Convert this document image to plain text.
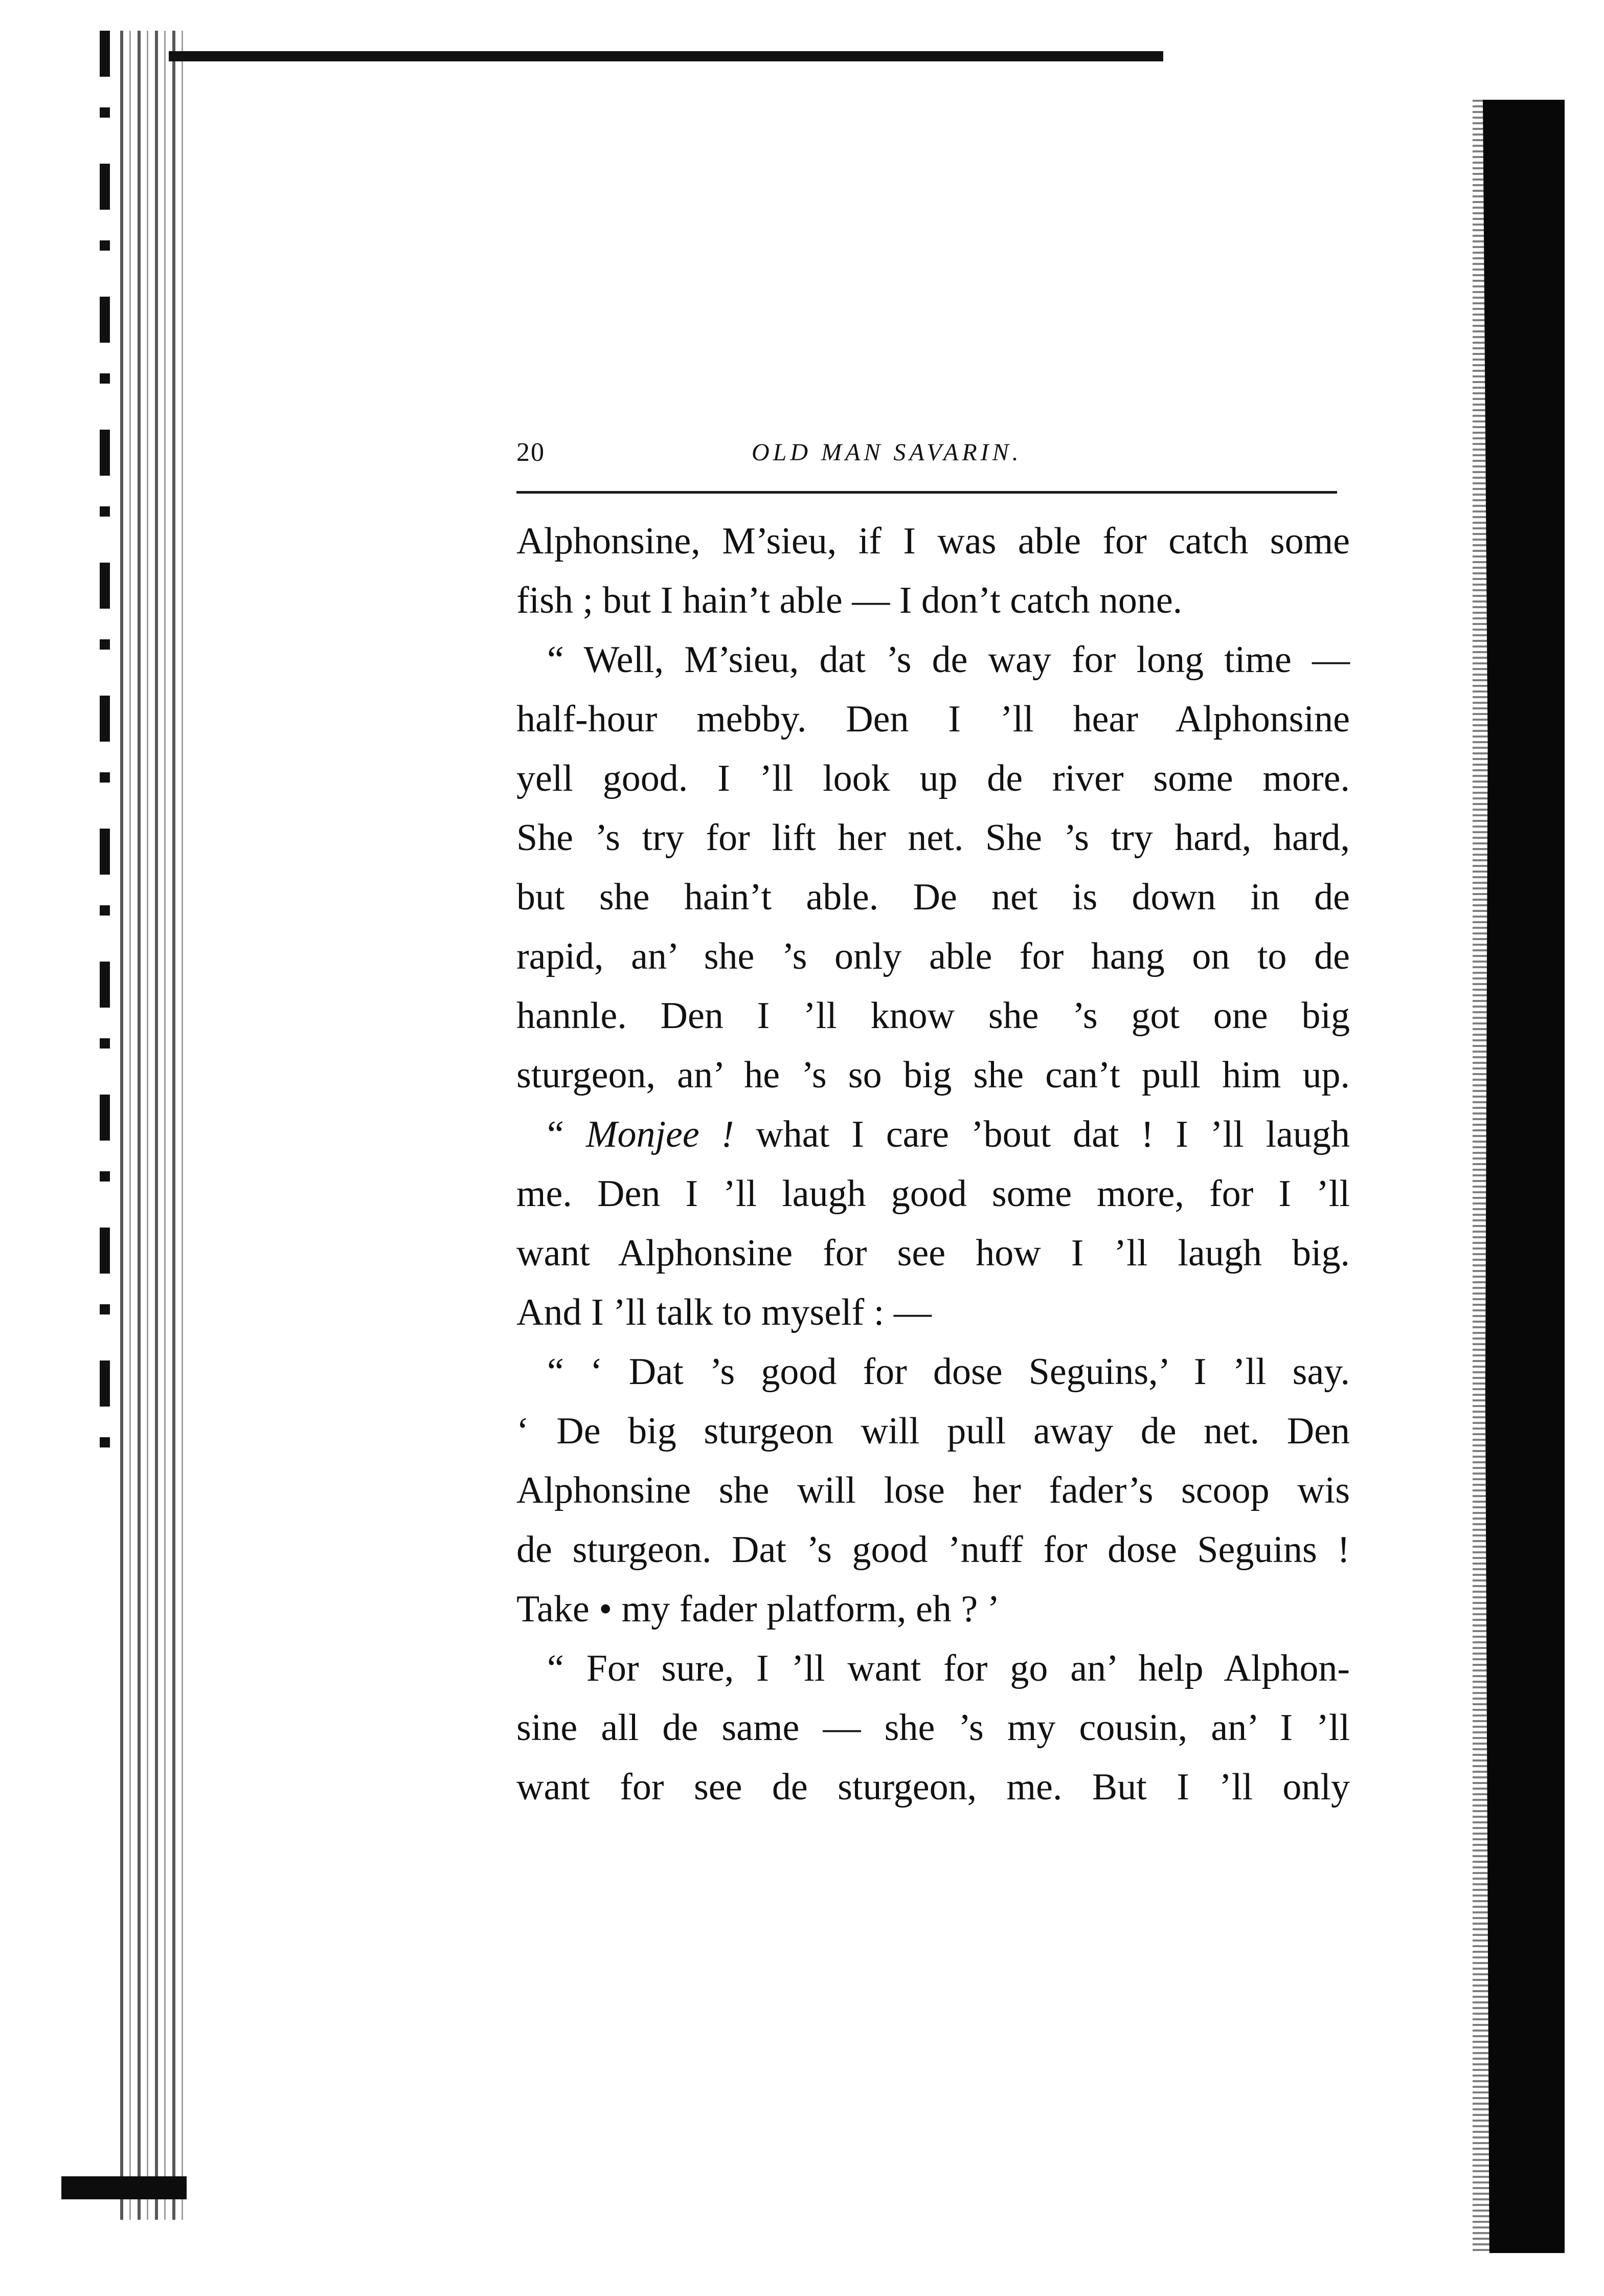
20	OLD MAN SAVARIN.
Alphonsine, M’sieu, if I was able for catch some
fish ; but I hain’t able — I don’t catch none.
“ Well, M’sieu, dat ’s de way for long time —
half-hour mebby. Den I ’ll hear Alphonsine
yell good. I ’ll look up de river some more.
She ’s try for lift her net. She ’s try hard, hard,
but she hain’t able. De net is down in de
rapid, an’ she ’s only able for hang on to de
hannle. Den I ’ll know she ’s got one big
sturgeon, an’ he ’s so big she can’t pull him up.
“ Monjee ! what I care ’bout dat ! I ’ll laugh
me. Den I ’ll laugh good some more, for I ’ll
want Alphonsine for see how I ’ll laugh big.
And I ’ll talk to myself : —
“ ‘ Dat ’s good for dose Seguins,’ I ’ll say.
‘ De big sturgeon will pull away de net. Den
Alphonsine she will lose her fader’s scoop wis
de sturgeon. Dat ’s good ’nuff for dose Seguins !
Take • my fader platform, eh ? ’
“ For sure, I ’ll want for go an’ help Alphon-
sine all de same — she ’s my cousin, an’ I ’ll
want for see de sturgeon, me. But I ’ll only
